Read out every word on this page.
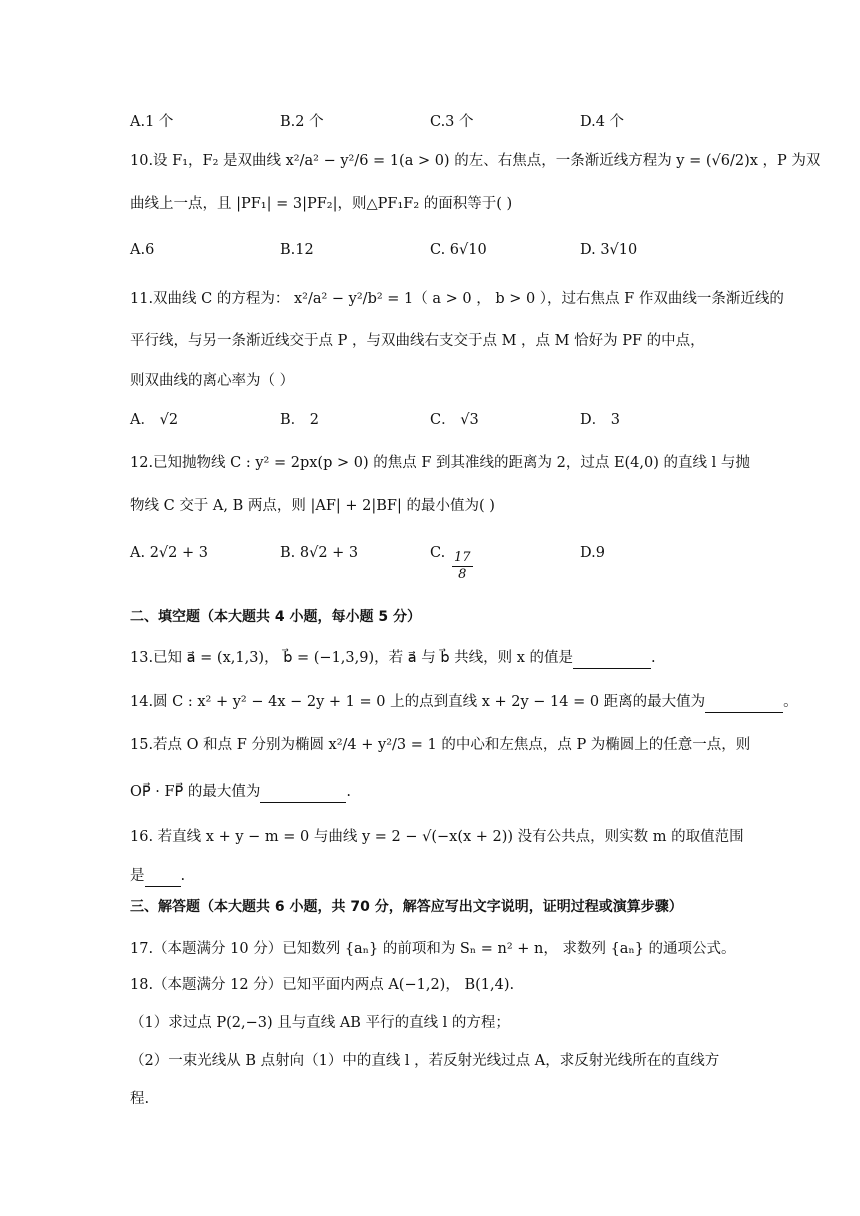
A.1 个	B.2 个	C.3 个	D.4 个
10.设 F₁，F₂ 是双曲线 x²/a² − y²/6 = 1(a > 0) 的左、右焦点，一条渐近线方程为 y = (√6/2)x ，P 为双
曲线上一点，且 |PF₁| = 3|PF₂|，则△PF₁F₂ 的面积等于( )
A.6	B.12	C. 6√10	D. 3√10
11.双曲线 C 的方程为： x²/a² − y²/b² = 1（ a > 0 ， b > 0 ），过右焦点 F 作双曲线一条渐近线的
平行线，与另一条渐近线交于点 P ，与双曲线右支交于点 M ，点 M 恰好为 PF 的中点，
则双曲线的离心率为（ ）
A． √2	B． 2	C． √3	D． 3
12.已知抛物线 C : y² = 2px(p > 0) 的焦点 F 到其准线的距离为 2，过点 E(4,0) 的直线 l 与抛
物线 C 交于 A, B 两点，则 |AF| + 2|BF| 的最小值为( )
A. 2√2 + 3	B. 8√2 + 3	C.	D.9
$\frac{17}{8}$
二、填空题（本大题共 4 小题，每小题 5 分）
13.已知 a⃗ = (x,1,3)， b⃗ = (−1,3,9)，若 a⃗ 与 b⃗ 共线，则 x 的值是	.
14.圆 C : x² + y² − 4x − 2y + 1 = 0 上的点到直线 x + 2y − 14 = 0 距离的最大值为	。
15.若点 O 和点 F 分别为椭圆 x²/4 + y²/3 = 1 的中心和左焦点，点 P 为椭圆上的任意一点，则
OP⃗ · FP⃗ 的最大值为	.
16. 若直线 x + y − m = 0 与曲线 y = 2 − √(−x(x + 2)) 没有公共点，则实数 m 的取值范围
是 .
三、解答题（本大题共 6 小题，共 70 分，解答应写出文字说明，证明过程或演算步骤）
17.（本题满分 10 分）已知数列 {aₙ} 的前项和为 Sₙ = n² + n， 求数列 {aₙ} 的通项公式。
18.（本题满分 12 分）已知平面内两点 A(−1,2)， B(1,4).
（1）求过点 P(2,−3) 且与直线 AB 平行的直线 l 的方程；
（2）一束光线从 B 点射向（1）中的直线 l ，若反射光线过点 A，求反射光线所在的直线方
程.
